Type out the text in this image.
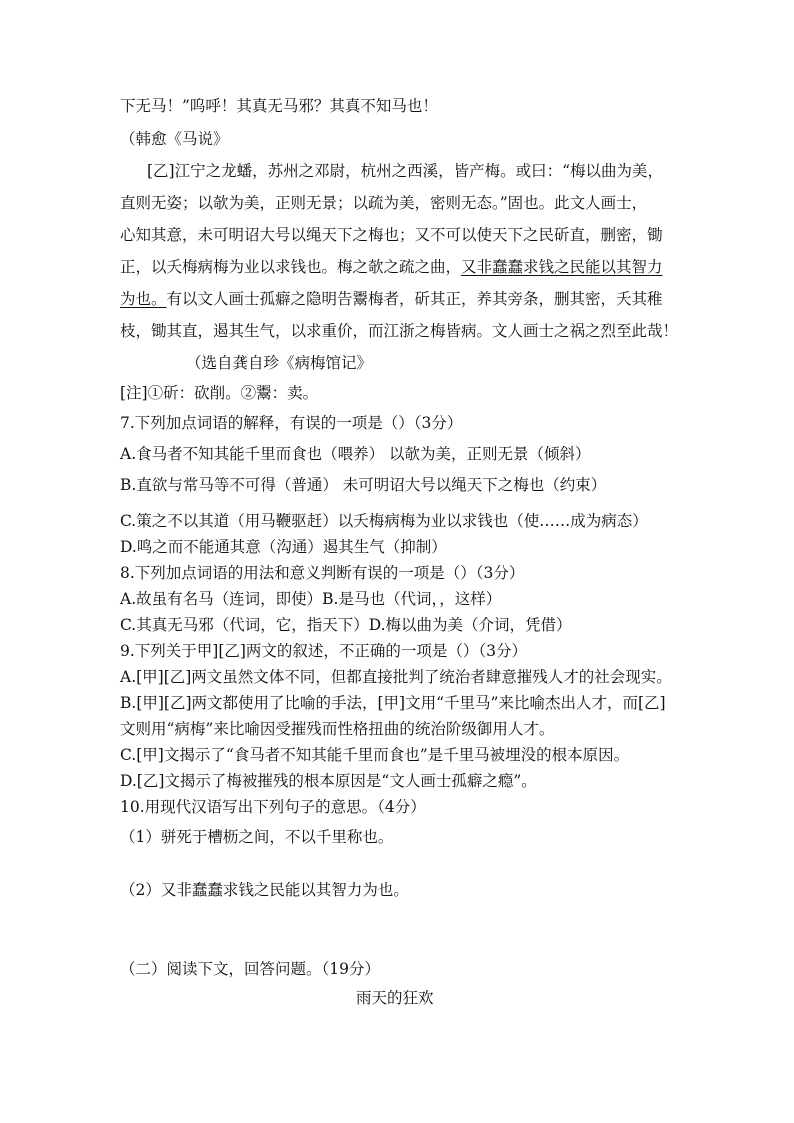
下无马！”呜呼！其真无马邪？其真不知马也！
（韩愈《马说》
[乙]江宁之龙蟠，苏州之邓尉，杭州之西溪，皆产梅。或曰：“梅以曲为美，
直则无姿；以欹为美，正则无景；以疏为美，密则无态。”固也。此文人画士，
心知其意，未可明诏大号以绳天下之梅也；又不可以使天下之民斫直，删密，锄
正，以夭梅病梅为业以求钱也。梅之欹之疏之曲，又非蠢蠢求钱之民能以其智力
为也。有以文人画士孤癖之隐明告鬻梅者，斫其正，养其旁条，删其密，夭其稚
枝，锄其直，遏其生气，以求重价，而江浙之梅皆病。文人画士之祸之烈至此哉！
（选自龚自珍《病梅馆记》
[注]①斫：砍削。②鬻：卖。
7.下列加点词语的解释，有误的一项是（）（3分）
A.食马者不知其能千里而食也（喂养） 以欹为美，正则无景（倾斜）
B.直欲与常马等不可得（普通） 未可明诏大号以绳天下之梅也（约束）
C.策之不以其道（用马鞭驱赶）以夭梅病梅为业以求钱也（使……成为病态）
D.鸣之而不能通其意（沟通）遏其生气（抑制）
8.下列加点词语的用法和意义判断有误的一项是（）（3分）
A.故虽有名马（连词，即使）B.是马也（代词，，这样）
C.其真无马邪（代词，它，指天下）D.梅以曲为美（介词，凭借）
9.下列关于甲][乙]两文的叙述，不正确的一项是（）（3分）
A.[甲][乙]两文虽然文体不同，但都直接批判了统治者肆意摧残人才的社会现实。
B.[甲][乙]两文都使用了比喻的手法，[甲]文用“千里马”来比喻杰出人才，而[乙]
文则用“病梅”来比喻因受摧残而性格扭曲的统治阶级御用人才。
C.[甲]文揭示了“食马者不知其能千里而食也”是千里马被埋没的根本原因。
D.[乙]文揭示了梅被摧残的根本原因是“文人画士孤癖之瘾”。
10.用现代汉语写出下列句子的意思。（4分）
（1）骈死于槽枥之间，不以千里称也。
（2）又非蠢蠢求钱之民能以其智力为也。
（二）阅读下文，回答问题。（19分）
雨天的狂欢
